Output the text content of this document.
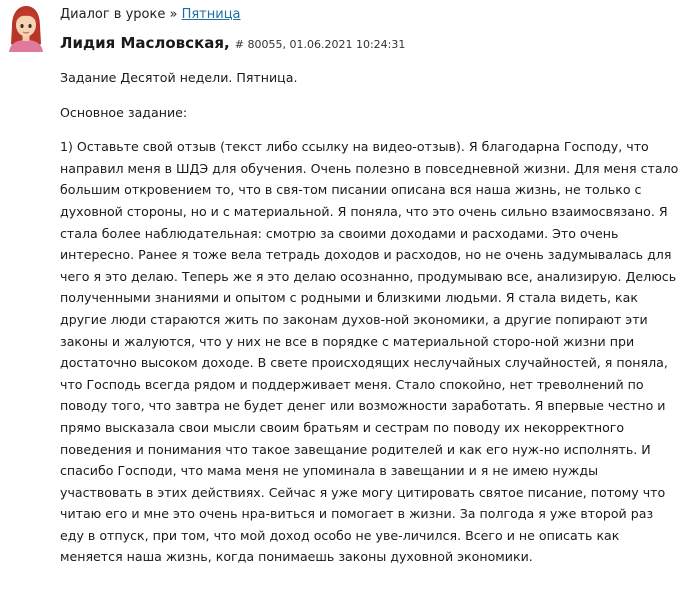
Диалог в уроке » Пятница
Лидия Масловская, # 80055, 01.06.2021 10:24:31

Задание Десятой недели. Пятница.

Основное задание:

1) Оставьте свой отзыв (текст либо ссылку на видео-отзыв). Я благодарна Господу, что направил меня в ШДЭ для обучения. Очень полезно в повседневной жизни. Для меня стало большим откровением то, что в свя-том писании описана вся наша жизнь, не только с духовной стороны, но и с материальной. Я поняла, что это очень сильно взаимосвязано. Я стала более наблюдательная: смотрю за своими доходами и расходами. Это очень интересно. Ранее я тоже вела тетрадь доходов и расходов, но не очень задумывалась для чего я это делаю. Теперь же я это делаю осознанно, продумываю все, анализирую. Делюсь полученными знаниями и опытом с родными и близкими людьми. Я стала видеть, как другие люди стараются жить по законам духов-ной экономики, а другие попирают эти законы и жалуются, что у них не все в порядке с материальной сторо-ной жизни при достаточно высоком доходе. В свете происходящих неслучайных случайностей, я поняла, что Господь всегда рядом и поддерживает меня. Стало спокойно, нет треволнений по поводу того, что завтра не будет денег или возможности заработать. Я впервые честно и прямо высказала свои мысли своим братьям и сестрам по поводу их некорректного поведения и понимания что такое завещание родителей и как его нуж-но исполнять. И спасибо Господи, что мама меня не упоминала в завещании и я не имею нужды участвовать в этих действиях. Сейчас я уже могу цитировать святое писание, потому что читаю его и мне это очень нра-виться и помогает в жизни. За полгода я уже второй раз еду в отпуск, при том, что мой доход особо не уве-личился. Всего и не описать как меняется наша жизнь, когда понимаешь законы духовной экономики.
